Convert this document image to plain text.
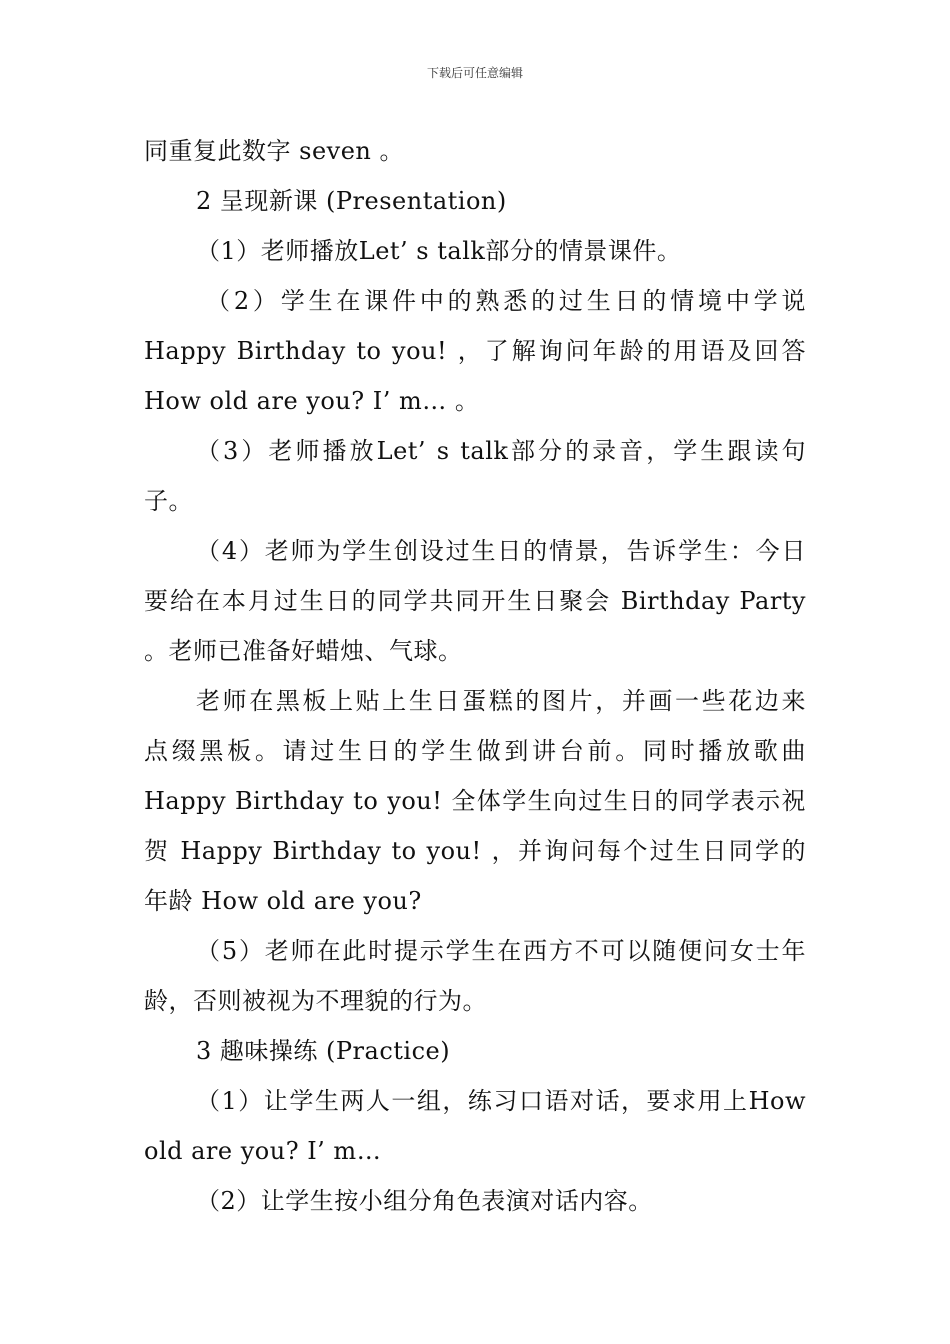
下载后可任意编辑
同重复此数字 seven 。
2 呈现新课 (Presentation)
（1）老师播放Let’ s talk部分的情景课件。
（2）学生在课件中的熟悉的过生日的情境中学说
Happy Birthday to you! ，了解询问年龄的用语及回答
How old are you? I’ m… 。
（3）老师播放Let’ s talk部分的录音，学生跟读句
子。
（4）老师为学生创设过生日的情景，告诉学生：今日
要给在本月过生日的同学共同开生日聚会 Birthday Party
。老师已准备好蜡烛、气球。
老师在黑板上贴上生日蛋糕的图片，并画一些花边来
点缀黑板。请过生日的学生做到讲台前。同时播放歌曲
Happy Birthday to you! 全体学生向过生日的同学表示祝
贺 Happy Birthday to you! ，并询问每个过生日同学的
年龄 How old are you?
（5）老师在此时提示学生在西方不可以随便问女士年
龄，否则被视为不理貌的行为。
3 趣味操练 (Practice)
（1）让学生两人一组，练习口语对话，要求用上How
old are you? I’ m…
（2）让学生按小组分角色表演对话内容。
